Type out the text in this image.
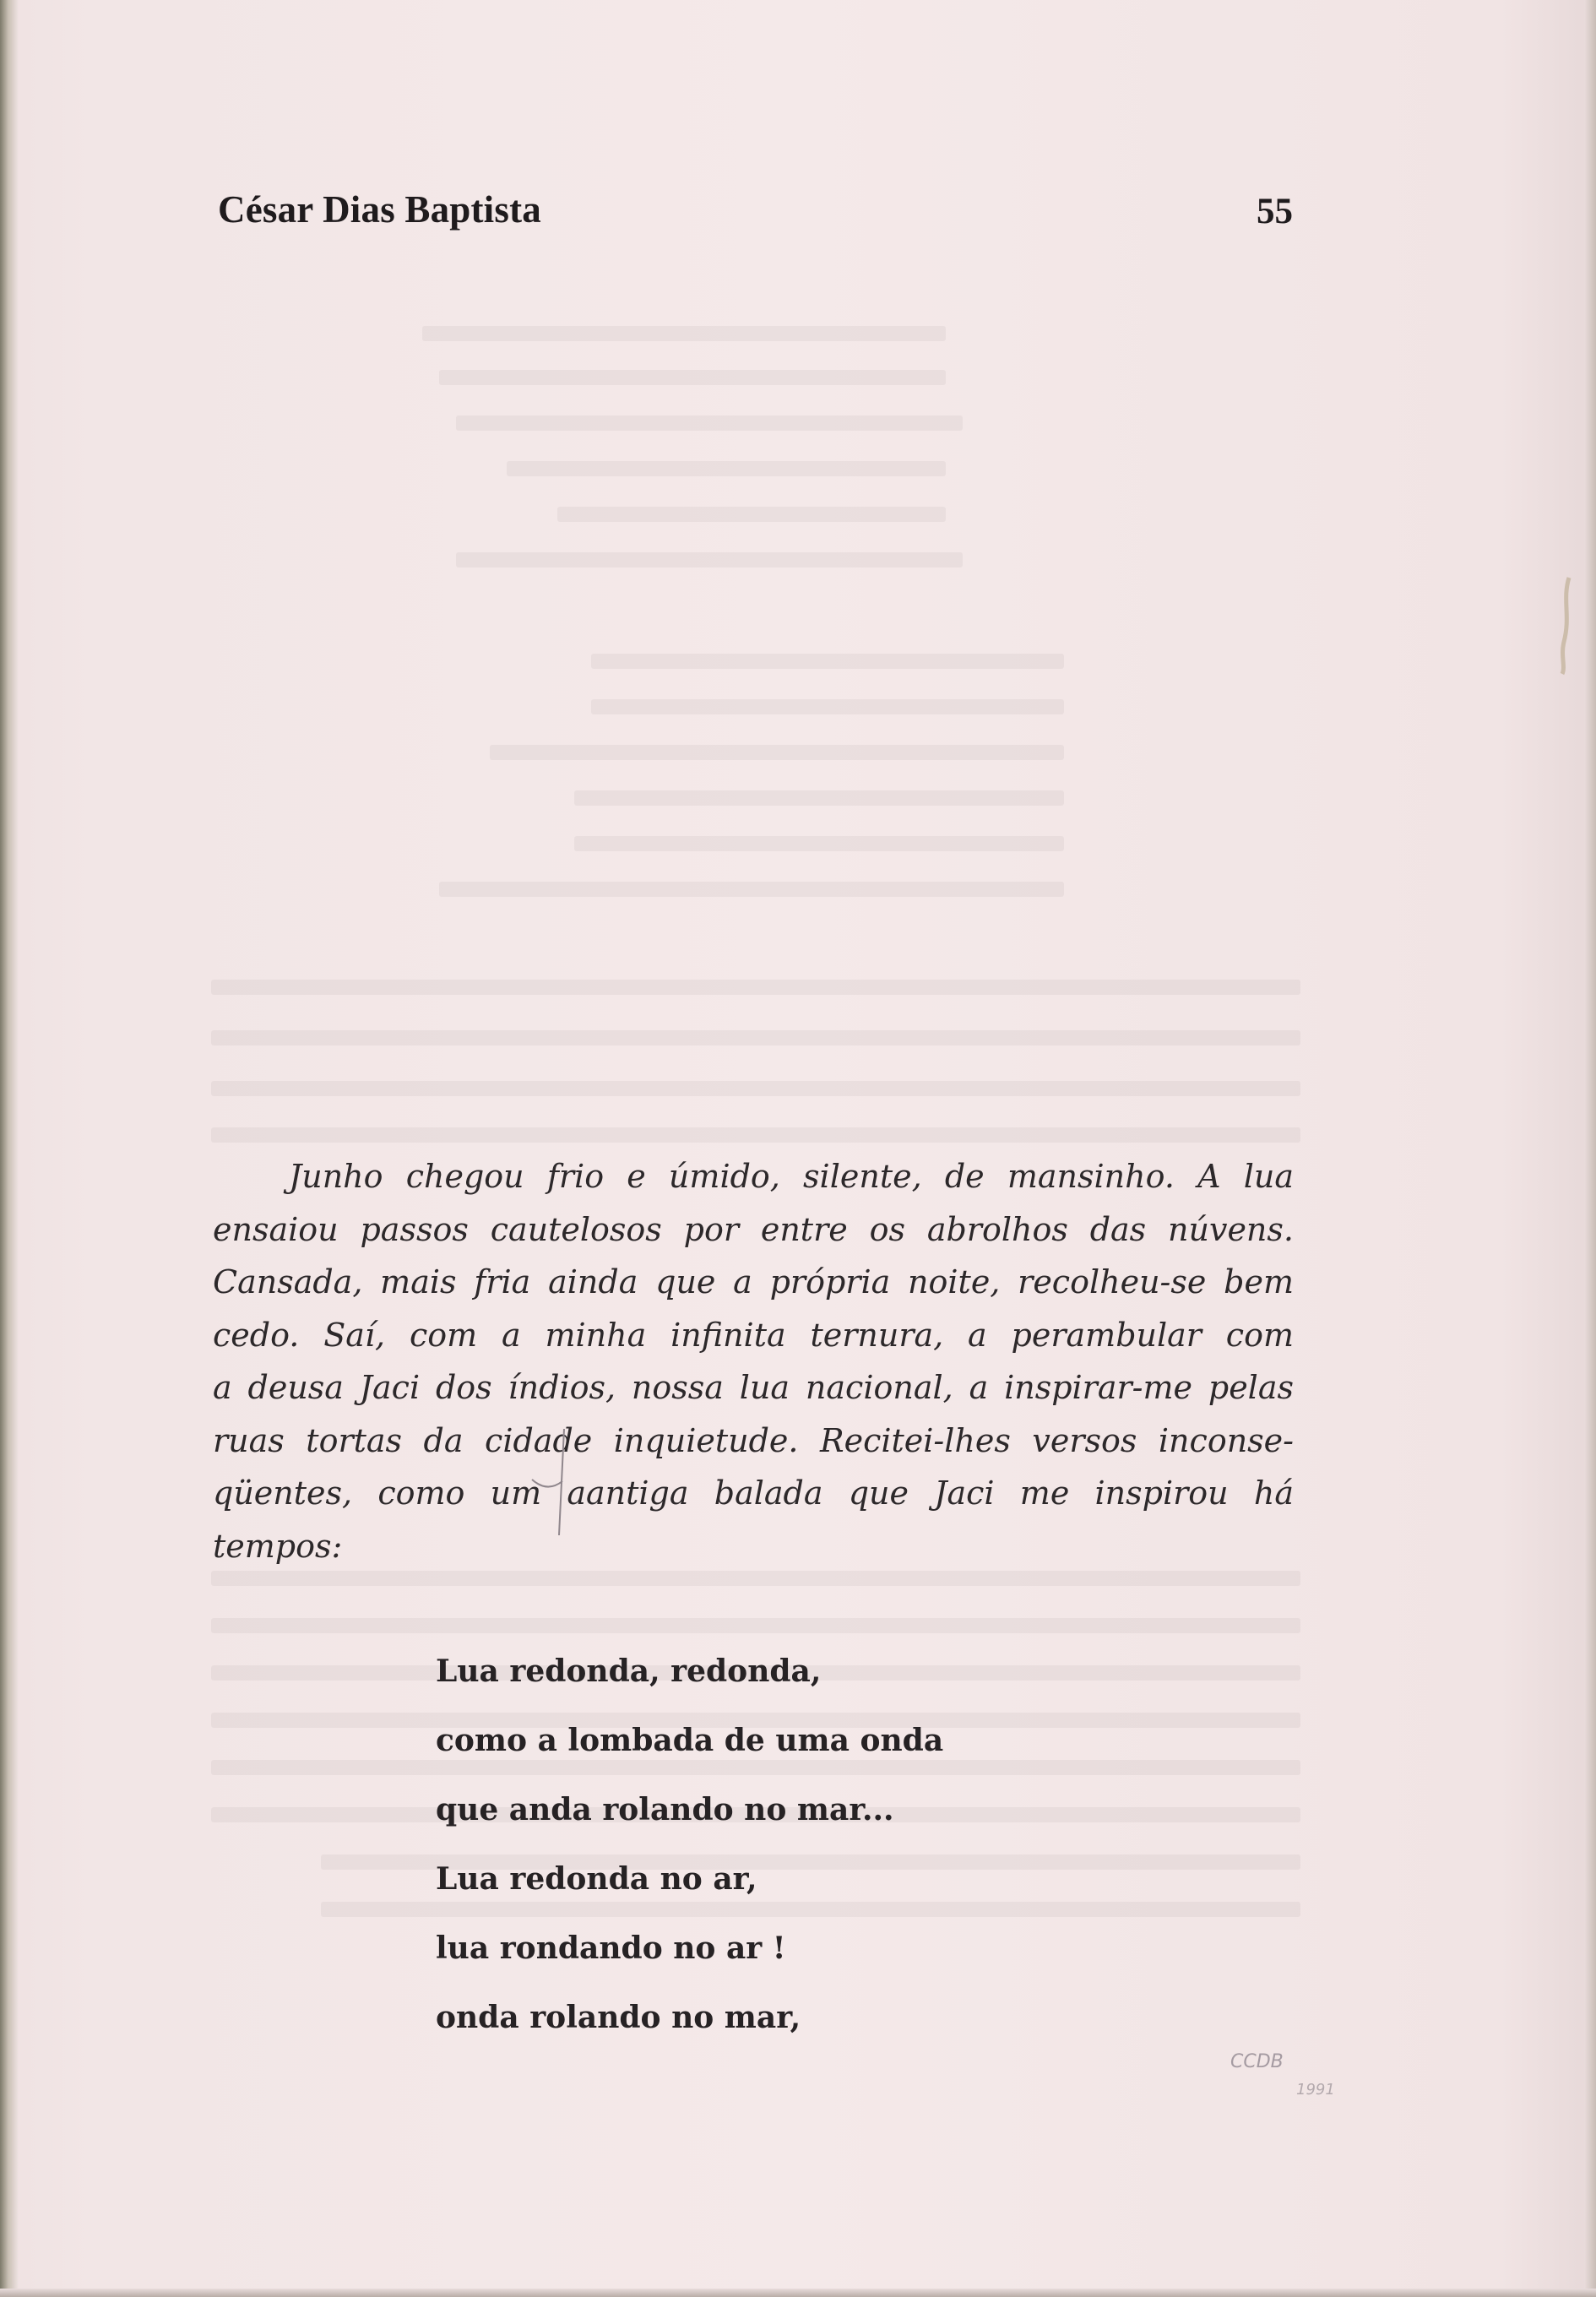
César Dias Baptista	55
Junho chegou frio e úmido, silente, de mansinho. A lua
ensaiou passos cautelosos por entre os abrolhos das núvens.
Cansada, mais fria ainda que a própria noite, recolheu-se bem
cedo. Saí, com a minha infinita ternura, a perambular com
a deusa Jaci dos índios, nossa lua nacional, a inspirar-me pelas
ruas tortas da cidade inquietude. Recitei-lhes versos inconse-
qüentes, como um aantiga balada que Jaci me inspirou há
tempos:
Lua redonda, redonda,
como a lombada de uma onda
que anda rolando no mar...
Lua redonda no ar,
lua rondando no ar !
onda rolando no mar,
CCDB
1991
